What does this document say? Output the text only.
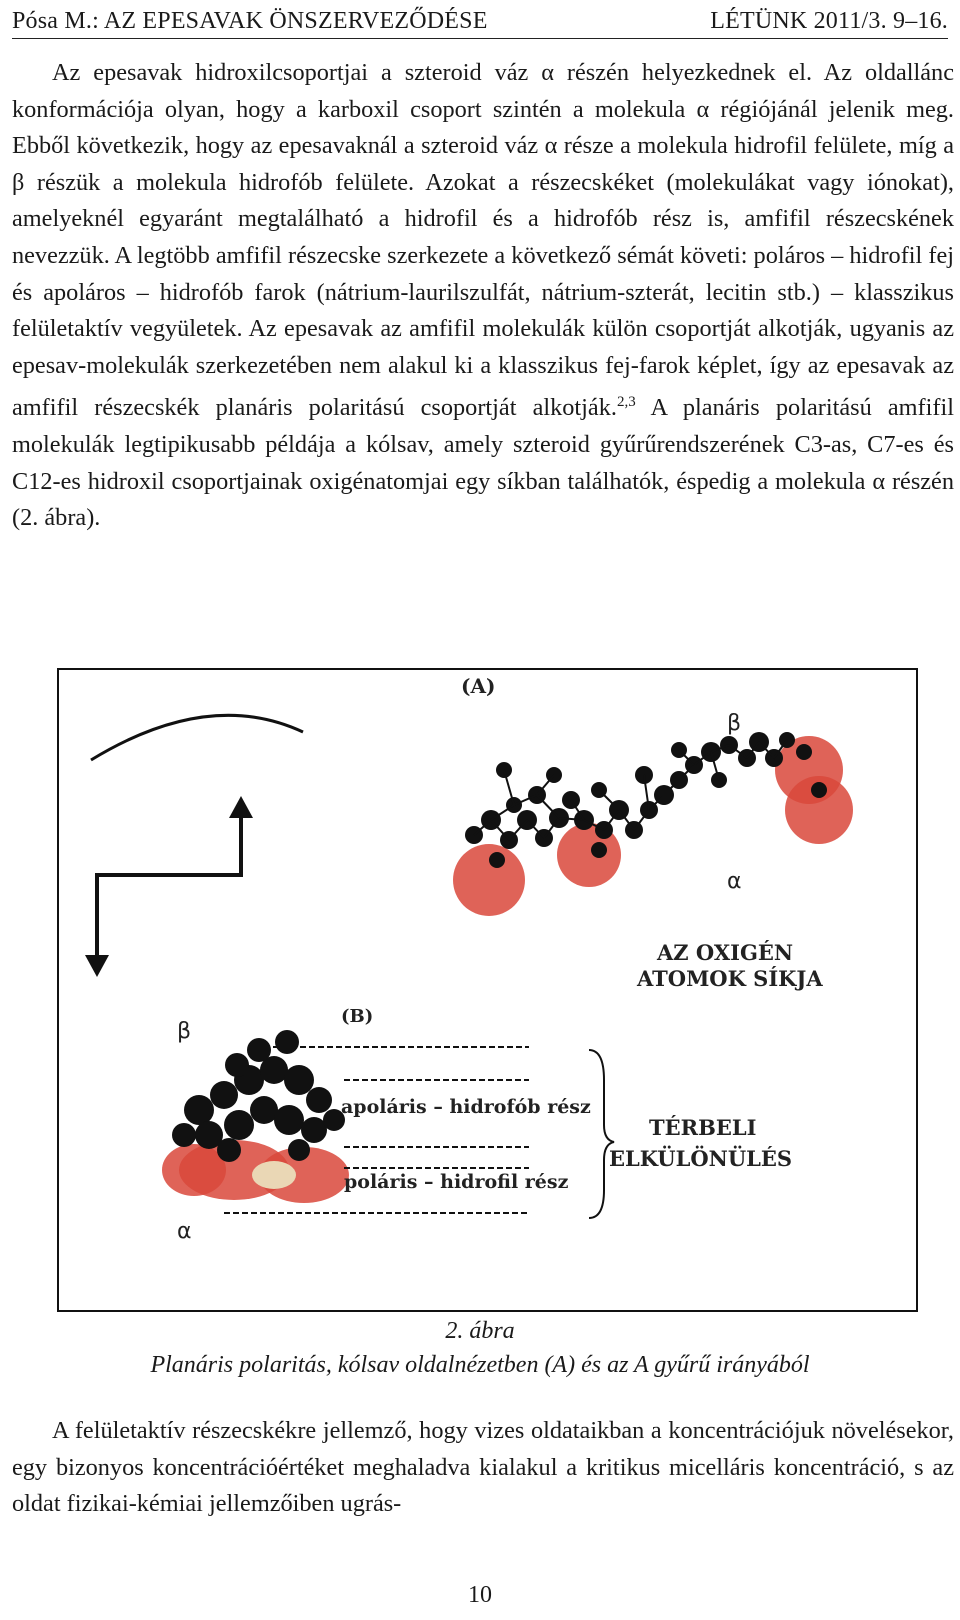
Pósa M.: AZ EPESAVAK ÖNSZERVEZŐDÉSE	LÉTÜNK 2011/3. 9–16.

Az epesavak hidroxilcsoportjai a szteroid váz α részén helyezkednek el. Az oldallánc konformációja olyan, hogy a karboxil csoport szintén a molekula α régiójánál jelenik meg. Ebből következik, hogy az epesavaknál a szteroid váz α része a molekula hidrofil felülete, míg a β részük a molekula hidrofób felülete. Azokat a részecskéket (molekulákat vagy iónokat), amelyeknél egyaránt megtalálható a hidrofil és a hidrofób rész is, amfifil részecskének nevezzük. A legtöbb amfifil részecske szerkezete a következő sémát követi: poláros – hidrofil fej és apoláros – hidrofób farok (nátrium-laurilszulfát, nátrium-szterát, lecitin stb.) – klasszikus felületaktív vegyületek. Az epesavak az amfifil molekulák külön csoportját alkotják, ugyanis az epesav-molekulák szerkezetében nem alakul ki a klasszikus fej-farok képlet, így az epesavak az amfifil részecskék planáris polaritású csoportját alkotják.$^{2,3}$ A planáris polaritású amfifil molekulák legtipikusabb példája a kólsav, amely szteroid gyűrűrendszerének C3-as, C7-es és C12-es hidroxil csoportjainak oxigénatomjai egy síkban találhatók, éspedig a molekula α részén (2. ábra).

(A)
β
α
AZ OXIGÉN
ATOMOK SÍKJA
β
α
(B)
apoláris – hidrofób rész
poláris – hidrofil rész
TÉRBELI
ELKÜLÖNÜLÉS
2. ábra
Planáris polaritás, kólsav oldalnézetben (A) és az A gyűrű irányából

A felületaktív részecskékre jellemző, hogy vizes oldataikban a koncentrációjuk növelésekor, egy bizonyos koncentrációértéket meghaladva kialakul a kritikus micelláris koncentráció, s az oldat fizikai-kémiai jellemzőiben ugrás-

10
